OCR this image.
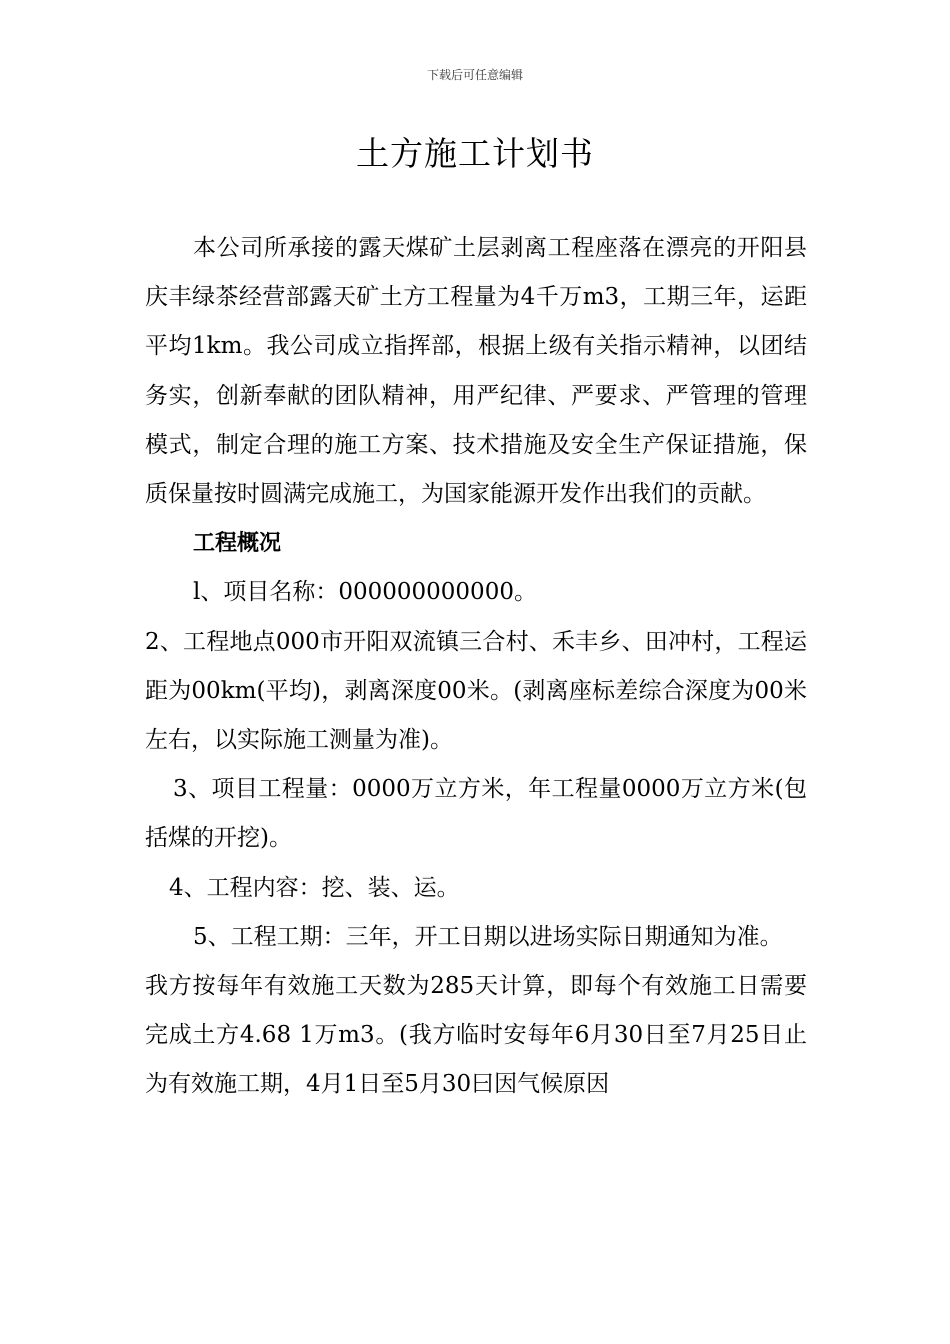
下载后可任意编辑
土方施工计划书

本公司所承接的露天煤矿土层剥离工程座落在漂亮的开阳县庆丰绿茶经营部露天矿土方工程量为4千万m3，工期三年，运距平均1km。我公司成立指挥部，根据上级有关指示精神，以团结务实，创新奉献的团队精神，用严纪律、严要求、严管理的管理模式，制定合理的施工方案、技术措施及安全生产保证措施，保质保量按时圆满完成施工，为国家能源开发作出我们的贡献。

工程概况

l、项目名称：000000000000。

2、工程地点000市开阳双流镇三合村、禾丰乡、田冲村，工程运距为00km(平均)，剥离深度00米。(剥离座标差综合深度为00米左右，以实际施工测量为准)。

3、项目工程量：0000万立方米，年工程量0000万立方米(包括煤的开挖)。

4、工程内容：挖、装、运。

5、工程工期：三年，开工日期以进场实际日期通知为准。

我方按每年有效施工天数为285天计算，即每个有效施工日需要完成土方4.68 1万m3。(我方临时安每年6月30日至7月25日止为有效施工期，4月1日至5月30曰因气候原因
